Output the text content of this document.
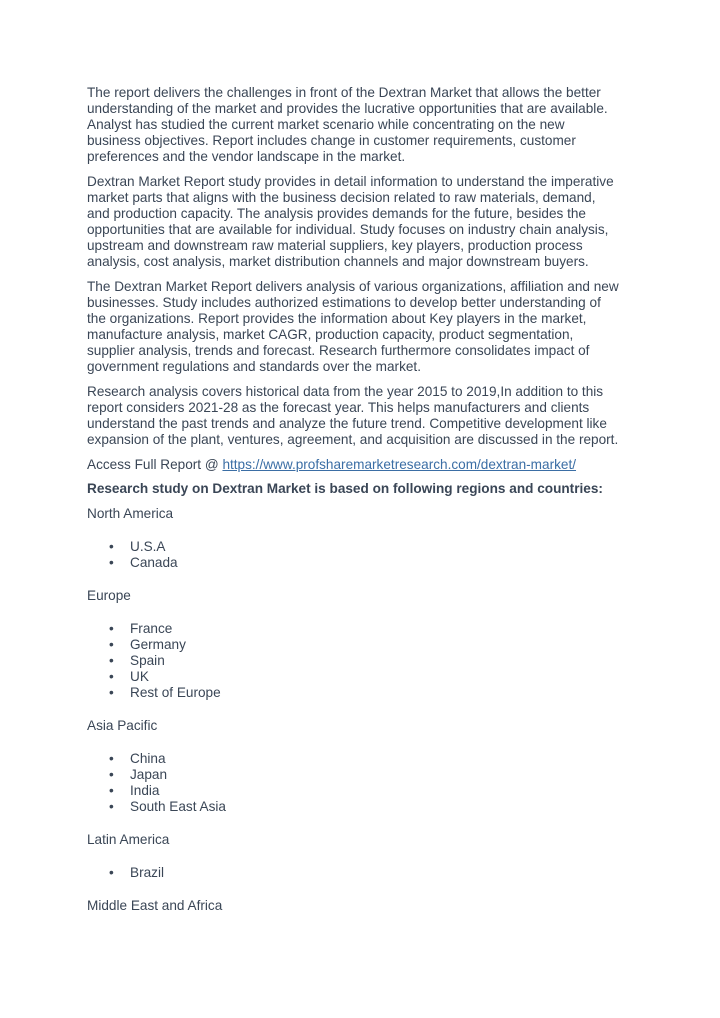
The report delivers the challenges in front of the Dextran Market that allows the better
understanding of the market and provides the lucrative opportunities that are available.
Analyst has studied the current market scenario while concentrating on the new
business objectives. Report includes change in customer requirements, customer
preferences and the vendor landscape in the market.

Dextran Market Report study provides in detail information to understand the imperative
market parts that aligns with the business decision related to raw materials, demand,
and production capacity. The analysis provides demands for the future, besides the
opportunities that are available for individual. Study focuses on industry chain analysis,
upstream and downstream raw material suppliers, key players, production process
analysis, cost analysis, market distribution channels and major downstream buyers.

The Dextran Market Report delivers analysis of various organizations, affiliation and new
businesses. Study includes authorized estimations to develop better understanding of
the organizations. Report provides the information about Key players in the market,
manufacture analysis, market CAGR, production capacity, product segmentation,
supplier analysis, trends and forecast. Research furthermore consolidates impact of
government regulations and standards over the market.

Research analysis covers historical data from the year 2015 to 2019,In addition to this
report considers 2021-28 as the forecast year. This helps manufacturers and clients
understand the past trends and analyze the future trend. Competitive development like
expansion of the plant, ventures, agreement, and acquisition are discussed in the report.

Access Full Report @ https://www.profsharemarketresearch.com/dextran-market/

Research study on Dextran Market is based on following regions and countries:

North America
• U.S.A
• Canada
Europe
• France
• Germany
• Spain
• UK
• Rest of Europe
Asia Pacific
• China
• Japan
• India
• South East Asia
Latin America
• Brazil
Middle East and Africa
